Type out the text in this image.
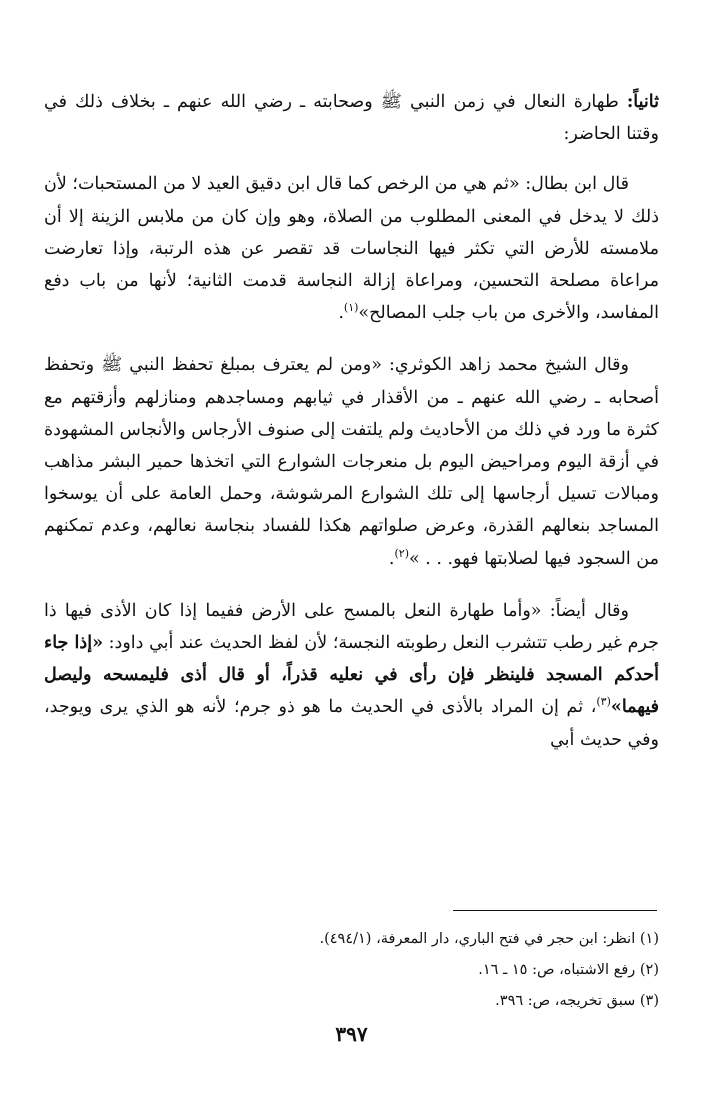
ثانياً: طهارة النعال في زمن النبي ﷺ وصحابته ـ رضي الله عنهم ـ بخلاف ذلك في وقتنا الحاضر:

قال ابن بطال: «ثم هي من الرخص كما قال ابن دقيق العيد لا من المستحبات؛ لأن ذلك لا يدخل في المعنى المطلوب من الصلاة، وهو وإن كان من ملابس الزينة إلا أن ملامسته للأرض التي تكثر فيها النجاسات قد تقصر عن هذه الرتبة، وإذا تعارضت مراعاة مصلحة التحسين، ومراعاة إزالة النجاسة قدمت الثانية؛ لأنها من باب دفع المفاسد، والأخرى من باب جلب المصالح»$^{(١)}$.

وقال الشيخ محمد زاهد الكوثري: «ومن لم يعترف بمبلغ تحفظ النبي ﷺ وتحفظ أصحابه ـ رضي الله عنهم ـ من الأقذار في ثيابهم ومساجدهم ومنازلهم وأزقتهم مع كثرة ما ورد في ذلك من الأحاديث ولم يلتفت إلى صنوف الأرجاس والأنجاس المشهودة في أزقة اليوم ومراحيض اليوم بل منعرجات الشوارع التي اتخذها حمير البشر مذاهب ومبالات تسيل أرجاسها إلى تلك الشوارع المرشوشة، وحمل العامة على أن يوسخوا المساجد بنعالهم القذرة، وعرض صلواتهم هكذا للفساد بنجاسة نعالهم، وعدم تمكنهم من السجود فيها لصلابتها فهو. . . »$^{(٢)}$.

وقال أيضاً: «وأما طهارة النعل بالمسح على الأرض ففيما إذا كان الأذى فيها ذا جرم غير رطب تتشرب النعل رطوبته النجسة؛ لأن لفظ الحديث عند أبي داود: «إذا جاء أحدكم المسجد فلينظر فإن رأى في نعليه قذراً، أو قال أذى فليمسحه وليصل فيهما»$^{(٣)}$، ثم إن المراد بالأذى في الحديث ما هو ذو جرم؛ لأنه هو الذي يرى ويوجد، وفي حديث أبي

(١) انظر: ابن حجر في فتح الباري، دار المعرفة، (٤٩٤/١).

(٢) رفع الاشتباه، ص: ١٥ ـ ١٦.

(٣) سبق تخريجه، ص: ٣٩٦.

٣٩٧
